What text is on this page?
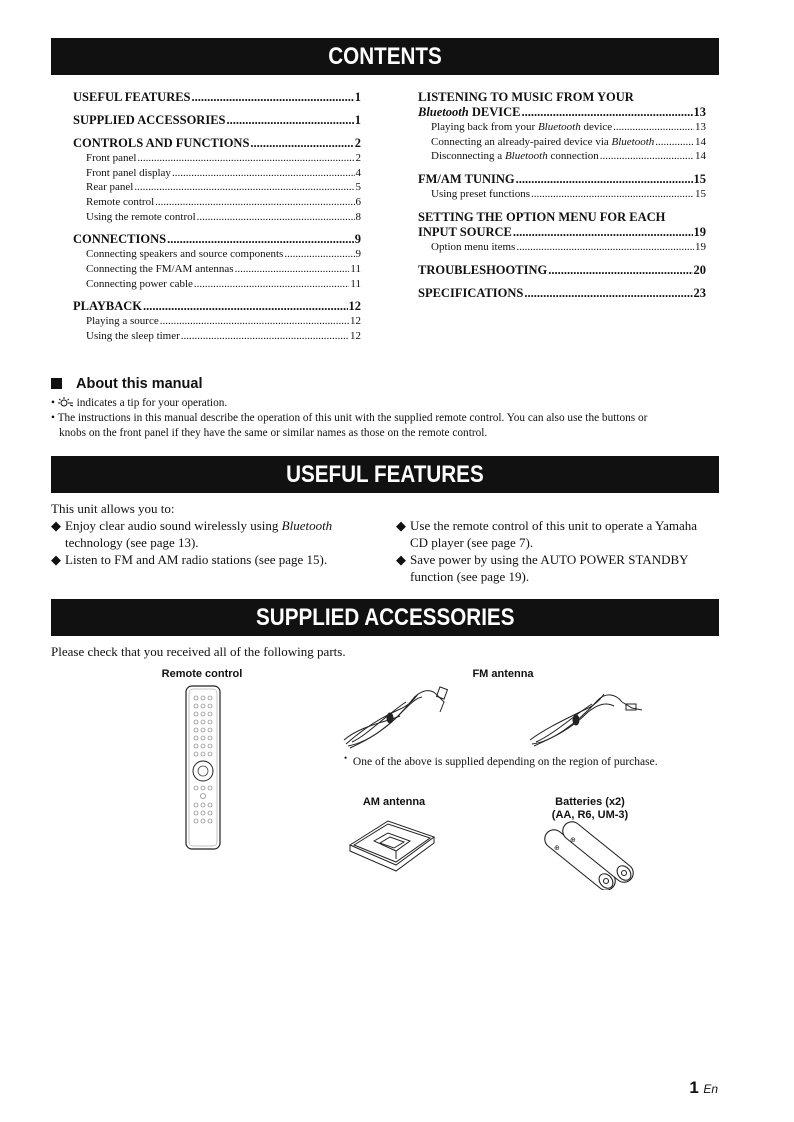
CONTENTS
USEFUL FEATURES .....	1
SUPPLIED ACCESSORIES .....	1
CONTROLS AND FUNCTIONS .....	2
Front panel .....	2
Front panel display .....	4
Rear panel .....	5
Remote control .....	6
Using the remote control .....	8
CONNECTIONS .....	9
Connecting speakers and source components .....	9
Connecting the FM/AM antennas .....	11
Connecting power cable .....	11
PLAYBACK .....	12
Playing a source .....	12
Using the sleep timer .....	12
LISTENING TO MUSIC FROM YOUR
Bluetooth DEVICE .....	13
Playing back from your Bluetooth device .....	13
Connecting an already-paired device via Bluetooth .....	14
Disconnecting a Bluetooth connection .....	14
FM/AM TUNING .....	15
Using preset functions .....	15
SETTING THE OPTION MENU FOR EACH
INPUT SOURCE .....	19
Option menu items .....	19
TROUBLESHOOTING .....	20
SPECIFICATIONS .....	23
About this manual
•  indicates a tip for your operation.
• The instructions in this manual describe the operation of this unit with the supplied remote control. You can also use the buttons or
knobs on the front panel if they have the same or similar names as those on the remote control.
USEFUL FEATURES
This unit allows you to:
◆ Enjoy clear audio sound wirelessly using Bluetooth
technology (see page 13).
◆ Listen to FM and AM radio stations (see page 15).
◆ Use the remote control of this unit to operate a Yamaha
CD player (see page 7).
◆ Save power by using the AUTO POWER STANDBY
function (see page 19).
SUPPLIED ACCESSORIES
Please check that you received all of the following parts.
Remote control	FM antenna
• One of the above is supplied depending on the region of purchase.
AM antenna	Batteries (x2)
(AA, R6, UM-3)
⊕
⊕
1 En
